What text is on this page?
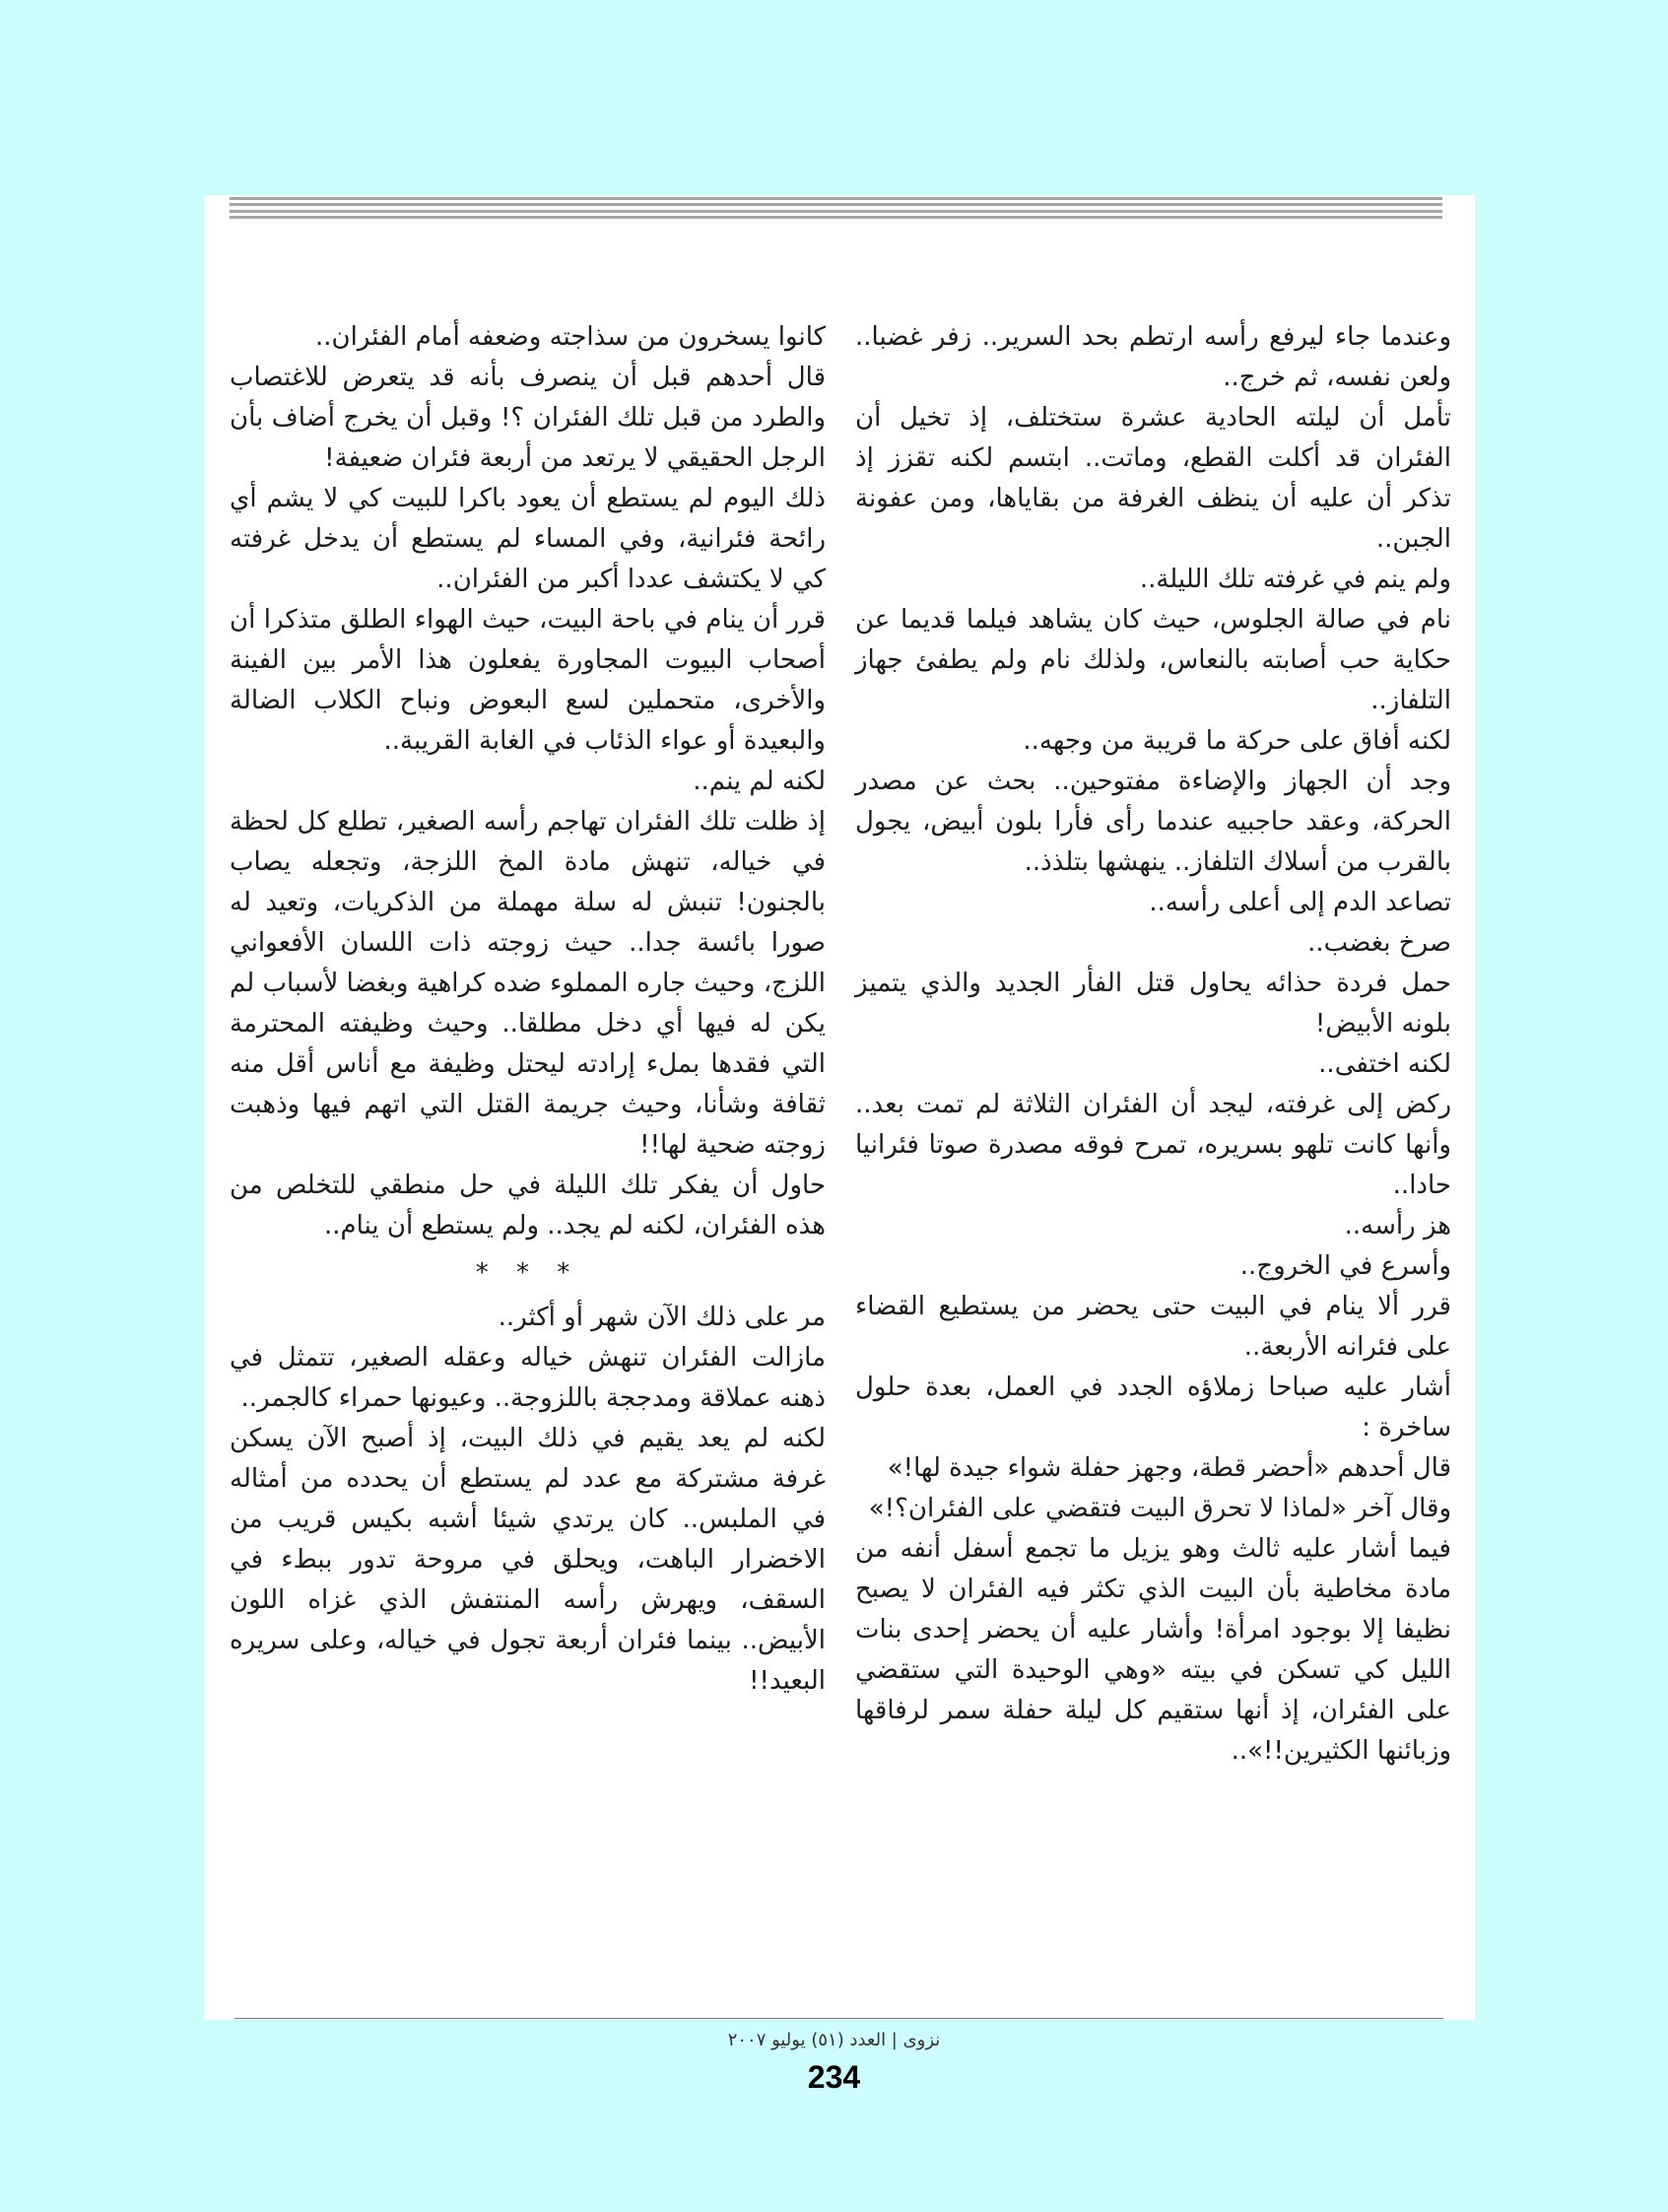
وعندما جاء ليرفع رأسه ارتطم بحد السرير.. زفر غضبا.. ولعن نفسه، ثم خرج..

تأمل أن ليلته الحادية عشرة ستختلف، إذ تخيل أن الفئران قد أكلت القطع، وماتت.. ابتسم لكنه تقزز إذ تذكر أن عليه أن ينظف الغرفة من بقاياها، ومن عفونة الجبن..

ولم ينم في غرفته تلك الليلة..

نام في صالة الجلوس، حيث كان يشاهد فيلما قديما عن حكاية حب أصابته بالنعاس، ولذلك نام ولم يطفئ جهاز التلفاز..

لكنه أفاق على حركة ما قريبة من وجهه..

وجد أن الجهاز والإضاءة مفتوحين.. بحث عن مصدر الحركة، وعقد حاجبيه عندما رأى فأرا بلون أبيض، يجول بالقرب من أسلاك التلفاز.. ينهشها بتلذذ..

تصاعد الدم إلى أعلى رأسه..

صرخ بغضب..

حمل فردة حذائه يحاول قتل الفأر الجديد والذي يتميز بلونه الأبيض!

لكنه اختفى..

ركض إلى غرفته، ليجد أن الفئران الثلاثة لم تمت بعد.. وأنها كانت تلهو بسريره، تمرح فوقه مصدرة صوتا فئرانيا حادا..

هز رأسه..

وأسرع في الخروج..

قرر ألا ينام في البيت حتى يحضر من يستطيع القضاء على فئرانه الأربعة..

أشار عليه صباحا زملاؤه الجدد في العمل، بعدة حلول ساخرة :

قال أحدهم «أحضر قطة، وجهز حفلة شواء جيدة لها!»

وقال آخر «لماذا لا تحرق البيت فتقضي على الفئران؟!»

فيما أشار عليه ثالث وهو يزيل ما تجمع أسفل أنفه من مادة مخاطية بأن البيت الذي تكثر فيه الفئران لا يصبح نظيفا إلا بوجود امرأة! وأشار عليه أن يحضر إحدى بنات الليل كي تسكن في بيته «وهي الوحيدة التي ستقضي على الفئران، إذ أنها ستقيم كل ليلة حفلة سمر لرفاقها وزبائنها الكثيرين!!»..

كانوا يسخرون من سذاجته وضعفه أمام الفئران..

قال أحدهم قبل أن ينصرف بأنه قد يتعرض للاغتصاب والطرد من قبل تلك الفئران ؟! وقبل أن يخرج أضاف بأن الرجل الحقيقي لا يرتعد من أربعة فئران ضعيفة!

ذلك اليوم لم يستطع أن يعود باكرا للبيت كي لا يشم أي رائحة فئرانية، وفي المساء لم يستطع أن يدخل غرفته كي لا يكتشف عددا أكبر من الفئران..

قرر أن ينام في باحة البيت، حيث الهواء الطلق متذكرا أن أصحاب البيوت المجاورة يفعلون هذا الأمر بين الفينة والأخرى، متحملين لسع البعوض ونباح الكلاب الضالة والبعيدة أو عواء الذئاب في الغابة القريبة..

لكنه لم ينم..

إذ ظلت تلك الفئران تهاجم رأسه الصغير، تطلع كل لحظة في خياله، تنهش مادة المخ اللزجة، وتجعله يصاب بالجنون! تنبش له سلة مهملة من الذكريات، وتعيد له صورا بائسة جدا.. حيث زوجته ذات اللسان الأفعواني اللزج، وحيث جاره المملوء ضده كراهية وبغضا لأسباب لم يكن له فيها أي دخل مطلقا.. وحيث وظيفته المحترمة التي فقدها بملء إرادته ليحتل وظيفة مع أناس أقل منه ثقافة وشأنا، وحيث جريمة القتل التي اتهم فيها وذهبت زوجته ضحية لها!!

حاول أن يفكر تلك الليلة في حل منطقي للتخلص من هذه الفئران، لكنه لم يجد.. ولم يستطع أن ينام..

* * *

مر على ذلك الآن شهر أو أكثر..

مازالت الفئران تنهش خياله وعقله الصغير، تتمثل في ذهنه عملاقة ومدججة باللزوجة.. وعيونها حمراء كالجمر..

لكنه لم يعد يقيم في ذلك البيت، إذ أصبح الآن يسكن غرفة مشتركة مع عدد لم يستطع أن يحدده من أمثاله في الملبس.. كان يرتدي شيئا أشبه بكيس قريب من الاخضرار الباهت، ويحلق في مروحة تدور ببطء في السقف، ويهرش رأسه المنتفش الذي غزاه اللون الأبيض.. بينما فئران أربعة تجول في خياله، وعلى سريره البعيد!!

نزوى | العدد (٥١) يوليو ٢٠٠٧
234
